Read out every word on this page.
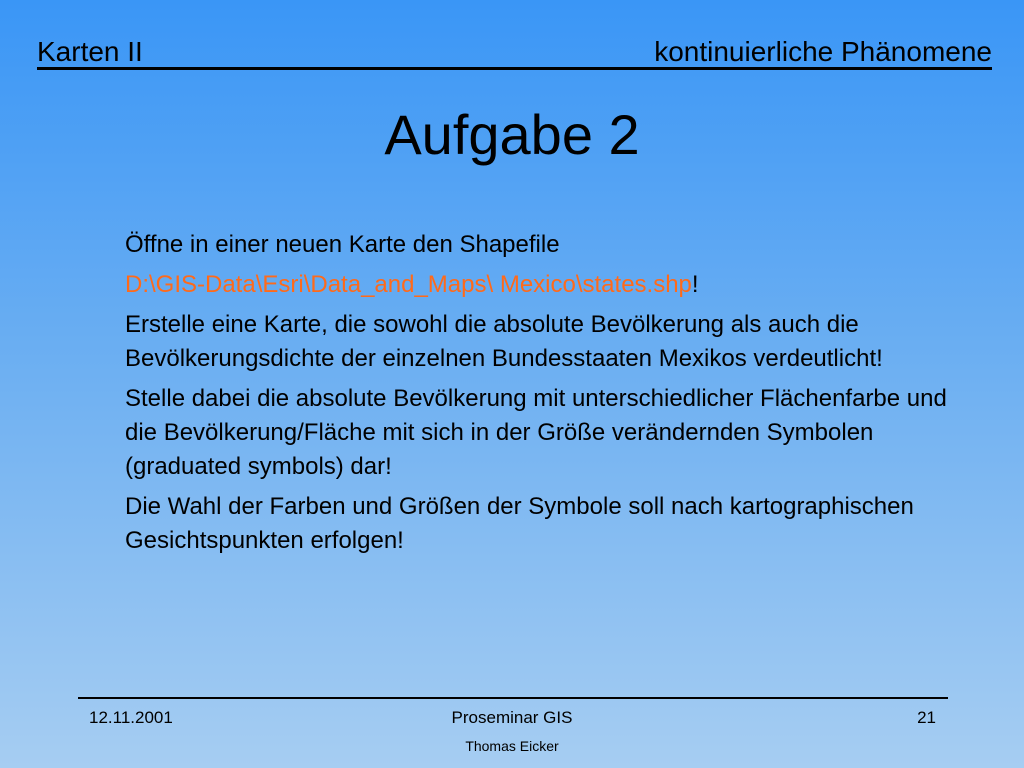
Karten II	kontinuierliche Phänomene
Aufgabe 2

Öffne in einer neuen Karte den Shapefile

D:\GIS-Data\Esri\Data_and_Maps\ Mexico\states.shp!

Erstelle eine Karte, die sowohl die absolute Bevölkerung als auch die Bevölkerungsdichte der einzelnen Bundesstaaten Mexikos verdeutlicht!

Stelle dabei die absolute Bevölkerung mit unterschiedlicher Flächenfarbe und die Bevölkerung/Fläche mit sich in der Größe verändernden Symbolen (graduated symbols) dar!

Die Wahl der Farben und Größen der Symbole soll nach kartographischen Gesichtspunkten erfolgen!

12.11.2001	Proseminar GIS
Thomas Eicker
21
